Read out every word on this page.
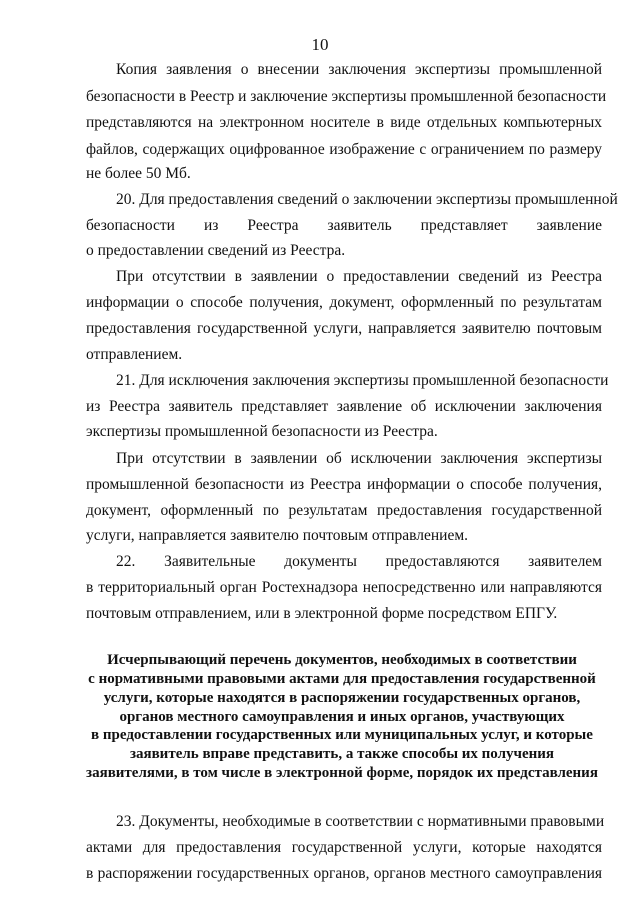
10
Копия заявления о внесении заключения экспертизы промышленной
безопасности в Реестр и заключение экспертизы промышленной безопасности
представляются на электронном носителе в виде отдельных компьютерных
файлов, содержащих оцифрованное изображение с ограничением по размеру
не более 50 Мб.
20. Для предоставления сведений о заключении экспертизы промышленной
безопасности из Реестра заявитель представляет заявление
о предоставлении сведений из Реестра.
При отсутствии в заявлении о предоставлении сведений из Реестра
информации о способе получения, документ, оформленный по результатам
предоставления государственной услуги, направляется заявителю почтовым
отправлением.
21. Для исключения заключения экспертизы промышленной безопасности
из Реестра заявитель представляет заявление об исключении заключения
экспертизы промышленной безопасности из Реестра.
При отсутствии в заявлении об исключении заключения экспертизы
промышленной безопасности из Реестра информации о способе получения,
документ, оформленный по результатам предоставления государственной
услуги, направляется заявителю почтовым отправлением.
22. Заявительные документы предоставляются заявителем
в территориальный орган Ростехнадзора непосредственно или направляются
почтовым отправлением, или в электронной форме посредством ЕПГУ.
Исчерпывающий перечень документов, необходимых в соответствии
с нормативными правовыми актами для предоставления государственной
услуги, которые находятся в распоряжении государственных органов,
органов местного самоуправления и иных органов, участвующих
в предоставлении государственных или муниципальных услуг, и которые
заявитель вправе представить, а также способы их получения
заявителями, в том числе в электронной форме, порядок их представления
23. Документы, необходимые в соответствии с нормативными правовыми
актами для предоставления государственной услуги, которые находятся
в распоряжении государственных органов, органов местного самоуправления
